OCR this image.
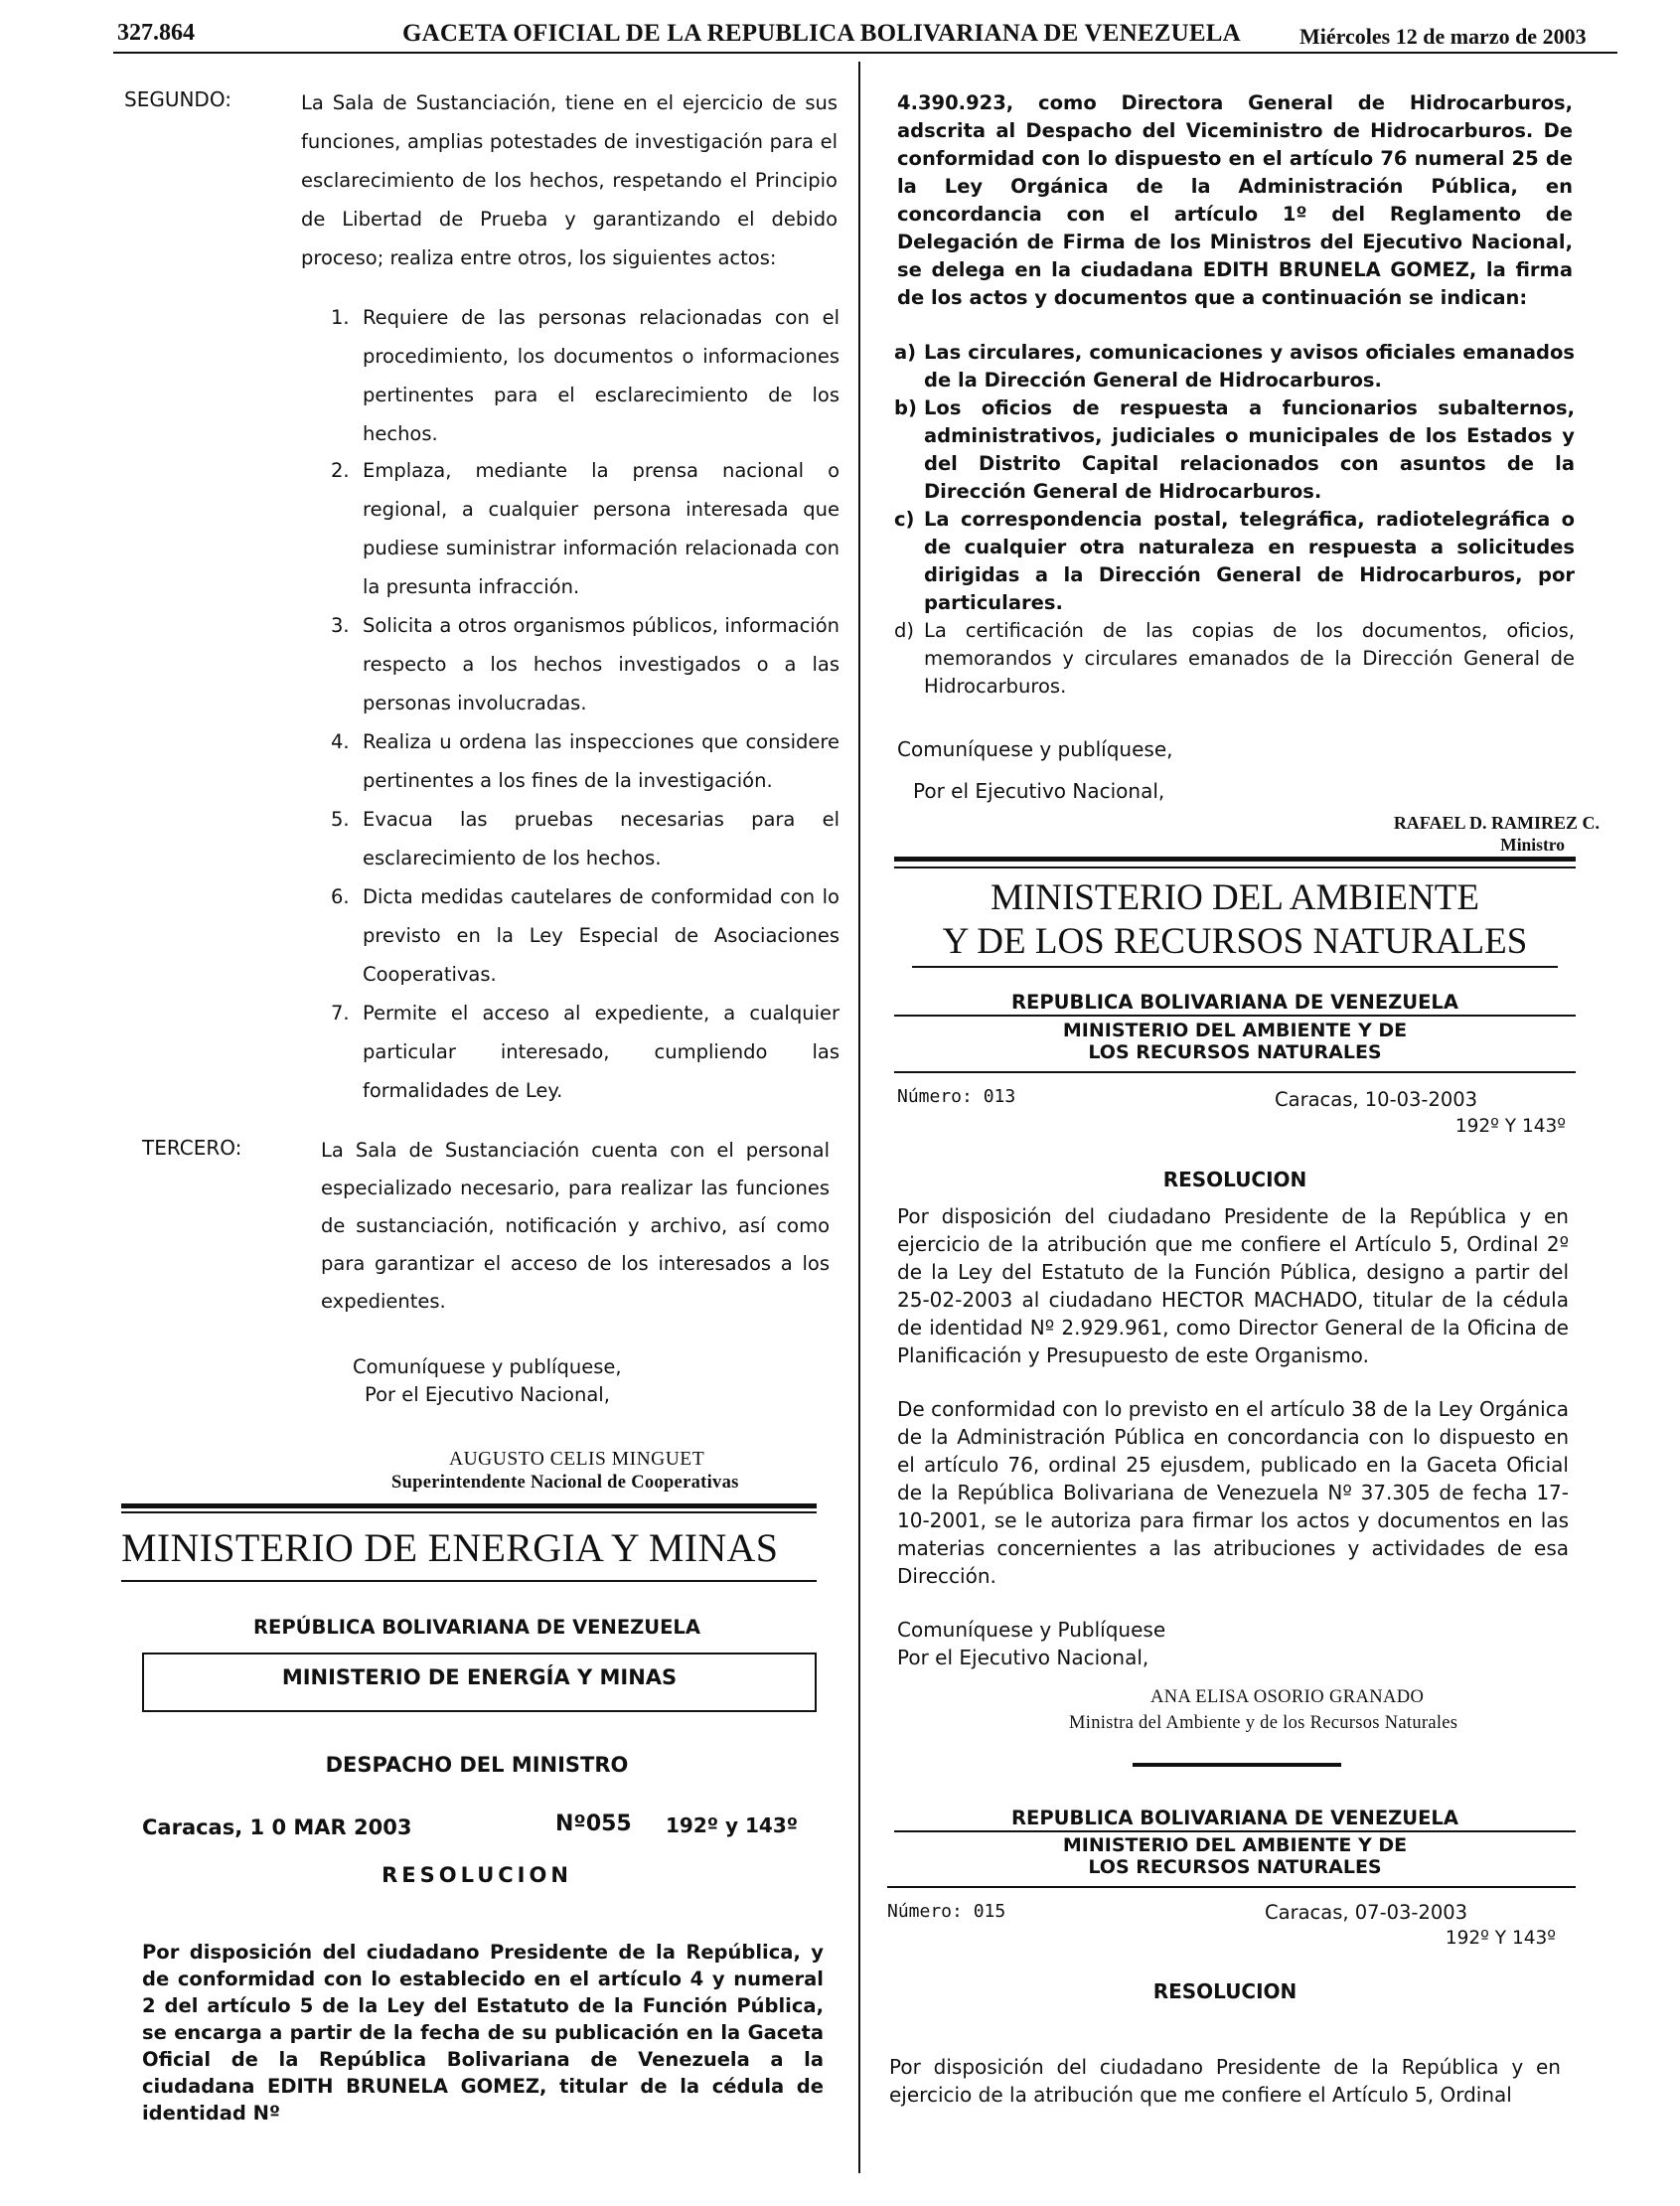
327.864	GACETA OFICIAL DE LA REPUBLICA BOLIVARIANA DE VENEZUELA	Miércoles 12 de marzo de 2003
SEGUNDO:	La Sala de Sustanciación, tiene en el ejercicio de sus funciones, amplias potestades de investigación para el esclarecimiento de los hechos, respetando el Principio de Libertad de Prueba y garantizando el debido proceso; realiza entre otros, los siguientes actos:
1. Requiere de las personas relacionadas con el procedimiento, los documentos o informaciones pertinentes para el esclarecimiento de los hechos.
2. Emplaza, mediante la prensa nacional o regional, a cualquier persona interesada que pudiese suministrar información relacionada con la presunta infracción.
3. Solicita a otros organismos públicos, información respecto a los hechos investigados o a las personas involucradas.
4. Realiza u ordena las inspecciones que considere pertinentes a los fines de la investigación.
5. Evacua las pruebas necesarias para el esclarecimiento de los hechos.
6. Dicta medidas cautelares de conformidad con lo previsto en la Ley Especial de Asociaciones Cooperativas.
7. Permite el acceso al expediente, a cualquier particular interesado, cumpliendo las formalidades de Ley.
TERCERO:	La Sala de Sustanciación cuenta con el personal especializado necesario, para realizar las funciones de sustanciación, notificación y archivo, así como para garantizar el acceso de los interesados a los expedientes.
Comuníquese y publíquese,
Por el Ejecutivo Nacional,
AUGUSTO CELIS MINGUET
Superintendente Nacional de Cooperativas
MINISTERIO DE ENERGIA Y MINAS
REPÚBLICA BOLIVARIANA DE VENEZUELA
MINISTERIO DE ENERGÍA Y MINAS
DESPACHO DEL MINISTRO
Caracas, 1 0 MAR 2003	Nº055 192º y 143º
RESOLUCION
Por disposición del ciudadano Presidente de la República, y de conformidad con lo establecido en el artículo 4 y numeral 2 del artículo 5 de la Ley del Estatuto de la Función Pública, se encarga a partir de la fecha de su publicación en la Gaceta Oficial de la República Bolivariana de Venezuela a la ciudadana EDITH BRUNELA GOMEZ, titular de la cédula de identidad Nº
4.390.923, como Directora General de Hidrocarburos, adscrita al Despacho del Viceministro de Hidrocarburos. De conformidad con lo dispuesto en el artículo 76 numeral 25 de la Ley Orgánica de la Administración Pública, en concordancia con el artículo 1º del Reglamento de Delegación de Firma de los Ministros del Ejecutivo Nacional, se delega en la ciudadana EDITH BRUNELA GOMEZ, la firma de los actos y documentos que a continuación se indican:
a) Las circulares, comunicaciones y avisos oficiales emanados de la Dirección General de Hidrocarburos.
b) Los oficios de respuesta a funcionarios subalternos, administrativos, judiciales o municipales de los Estados y del Distrito Capital relacionados con asuntos de la Dirección General de Hidrocarburos.
c) La correspondencia postal, telegráfica, radiotelegráfica o de cualquier otra naturaleza en respuesta a solicitudes dirigidas a la Dirección General de Hidrocarburos, por particulares.
d) La certificación de las copias de los documentos, oficios, memorandos y circulares emanados de la Dirección General de Hidrocarburos.
Comuníquese y publíquese,
Por el Ejecutivo Nacional,
RAFAEL D. RAMIREZ C.
Ministro
MINISTERIO DEL AMBIENTE
Y DE LOS RECURSOS NATURALES
REPUBLICA BOLIVARIANA DE VENEZUELA
MINISTERIO DEL AMBIENTE Y DE
LOS RECURSOS NATURALES
Número: 013	Caracas, 10-03-2003
192º Y 143º
RESOLUCION
Por disposición del ciudadano Presidente de la República y en ejercicio de la atribución que me confiere el Artículo 5, Ordinal 2º de la Ley del Estatuto de la Función Pública, designo a partir del 25-02-2003 al ciudadano HECTOR MACHADO, titular de la cédula de identidad Nº 2.929.961, como Director General de la Oficina de Planificación y Presupuesto de este Organismo.
De conformidad con lo previsto en el artículo 38 de la Ley Orgánica de la Administración Pública en concordancia con lo dispuesto en el artículo 76, ordinal 25 ejusdem, publicado en la Gaceta Oficial de la República Bolivariana de Venezuela Nº 37.305 de fecha 17-10-2001, se le autoriza para firmar los actos y documentos en las materias concernientes a las atribuciones y actividades de esa Dirección.
Comuníquese y Publíquese
Por el Ejecutivo Nacional,
ANA ELISA OSORIO GRANADO
Ministra del Ambiente y de los Recursos Naturales
REPUBLICA BOLIVARIANA DE VENEZUELA
MINISTERIO DEL AMBIENTE Y DE
LOS RECURSOS NATURALES
Número: 015	Caracas, 07-03-2003
192º Y 143º
RESOLUCION
Por disposición del ciudadano Presidente de la República y en ejercicio de la atribución que me confiere el Artículo 5, Ordinal
